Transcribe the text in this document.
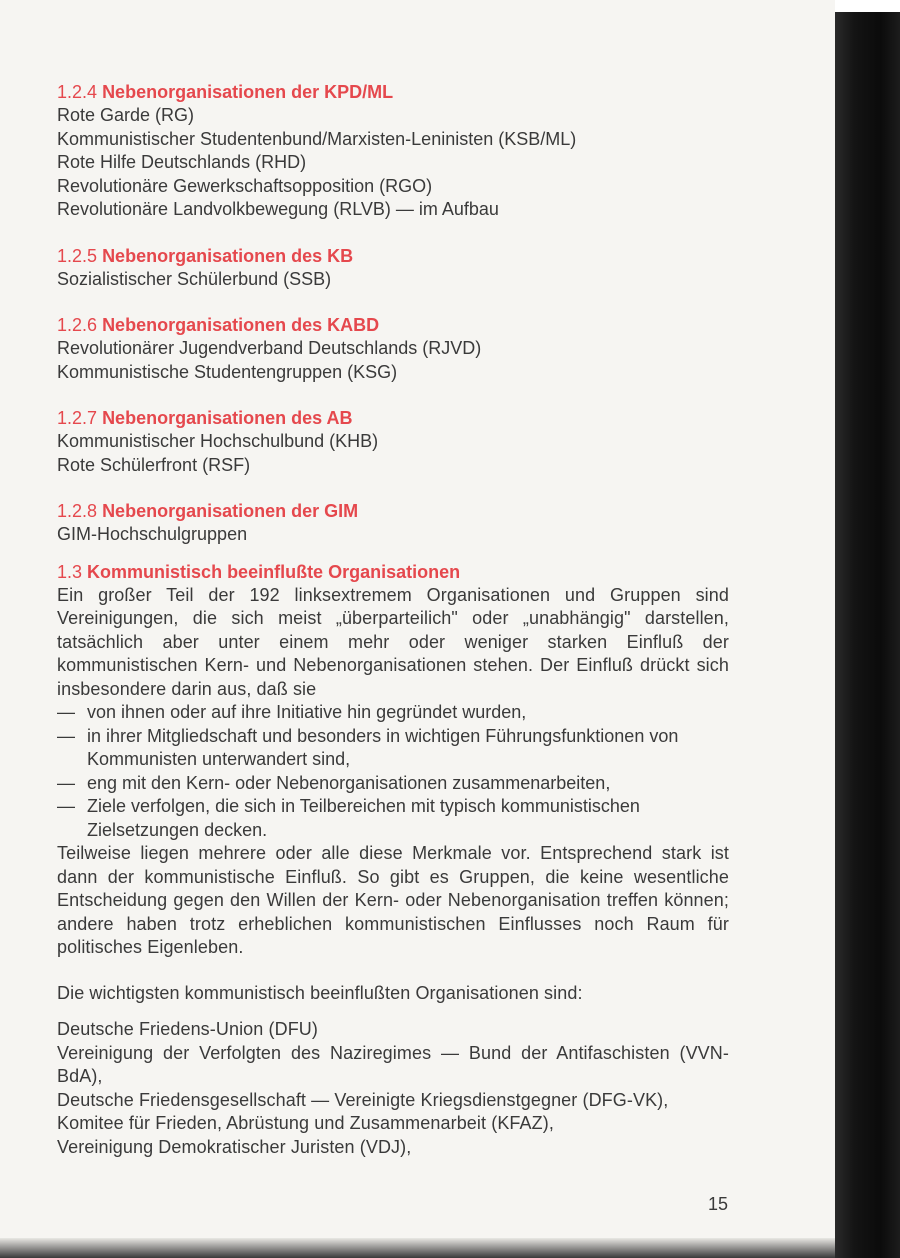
1.2.4 Nebenorganisationen der KPD/ML

Rote Garde (RG)

Kommunistischer Studentenbund/Marxisten-Leninisten (KSB/ML)

Rote Hilfe Deutschlands (RHD)

Revolutionäre Gewerkschaftsopposition (RGO)

Revolutionäre Landvolkbewegung (RLVB) — im Aufbau

1.2.5 Nebenorganisationen des KB

Sozialistischer Schülerbund (SSB)

1.2.6 Nebenorganisationen des KABD

Revolutionärer Jugendverband Deutschlands (RJVD)

Kommunistische Studentengruppen (KSG)

1.2.7 Nebenorganisationen des AB

Kommunistischer Hochschulbund (KHB)

Rote Schülerfront (RSF)

1.2.8 Nebenorganisationen der GIM

GIM-Hochschulgruppen

1.3 Kommunistisch beeinflußte Organisationen

Ein großer Teil der 192 linksextremem Organisationen und Gruppen sind Vereinigungen, die sich meist „überparteilich" oder „unabhängig" darstellen, tatsächlich aber unter einem mehr oder weniger starken Einfluß der kommunistischen Kern- und Nebenorganisationen stehen. Der Einfluß drückt sich insbesondere darin aus, daß sie

— von ihnen oder auf ihre Initiative hin gegründet wurden,
— in ihrer Mitgliedschaft und besonders in wichtigen Führungsfunktionen von Kommunisten unterwandert sind,
— eng mit den Kern- oder Nebenorganisationen zusammenarbeiten,
— Ziele verfolgen, die sich in Teilbereichen mit typisch kommunistischen Zielsetzungen decken.

Teilweise liegen mehrere oder alle diese Merkmale vor. Entsprechend stark ist dann der kommunistische Einfluß. So gibt es Gruppen, die keine wesentliche Entscheidung gegen den Willen der Kern- oder Nebenorganisation treffen können; andere haben trotz erheblichen kommunistischen Einflusses noch Raum für politisches Eigenleben.

Die wichtigsten kommunistisch beeinflußten Organisationen sind:

Deutsche Friedens-Union (DFU)

Vereinigung der Verfolgten des Naziregimes — Bund der Antifaschisten (VVN-BdA),

Deutsche Friedensgesellschaft — Vereinigte Kriegsdienstgegner (DFG-VK),

Komitee für Frieden, Abrüstung und Zusammenarbeit (KFAZ),

Vereinigung Demokratischer Juristen (VDJ),

15
